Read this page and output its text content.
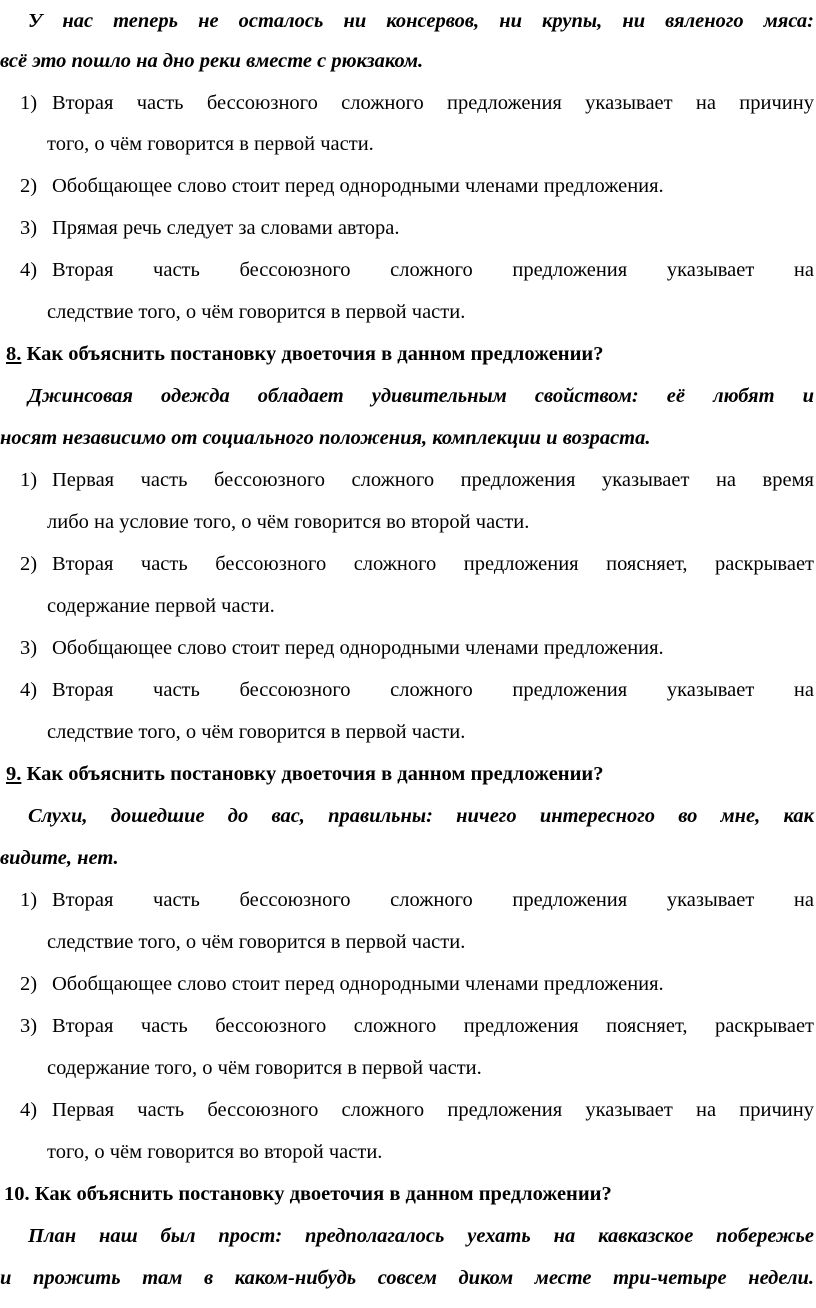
У нас теперь не осталось ни консервов, ни крупы, ни вяленого мяса:
всё это пошло на дно реки вместе с рюкзаком.
1) Вторая часть бессоюзного сложного предложения указывает на причину
того, о чём говорится в первой части.
2) Обобщающее слово стоит перед однородными членами предложения.
3) Прямая речь следует за словами автора.
4) Вторая часть бессоюзного сложного предложения указывает на
следствие того, о чём говорится в первой части.
8. Как объяснить постановку двоеточия в данном предложении?
Джинсовая одежда обладает удивительным свойством: её любят и
носят независимо от социального положения, комплекции и возраста.
1) Первая часть бессоюзного сложного предложения указывает на время
либо на условие того, о чём говорится во второй части.
2) Вторая часть бессоюзного сложного предложения поясняет, раскрывает
содержание первой части.
3) Обобщающее слово стоит перед однородными членами предложения.
4) Вторая часть бессоюзного сложного предложения указывает на
следствие того, о чём говорится в первой части.
9. Как объяснить постановку двоеточия в данном предложении?
Слухи, дошедшие до вас, правильны: ничего интересного во мне, как
видите, нет.
1) Вторая часть бессоюзного сложного предложения указывает на
следствие того, о чём говорится в первой части.
2) Обобщающее слово стоит перед однородными членами предложения.
3) Вторая часть бессоюзного сложного предложения поясняет, раскрывает
содержание того, о чём говорится в первой части.
4) Первая часть бессоюзного сложного предложения указывает на причину
того, о чём говорится во второй части.
10. Как объяснить постановку двоеточия в данном предложении?
План наш был прост: предполагалось уехать на кавказское побережье
и прожить там в каком-нибудь совсем диком месте три-четыре недели.
